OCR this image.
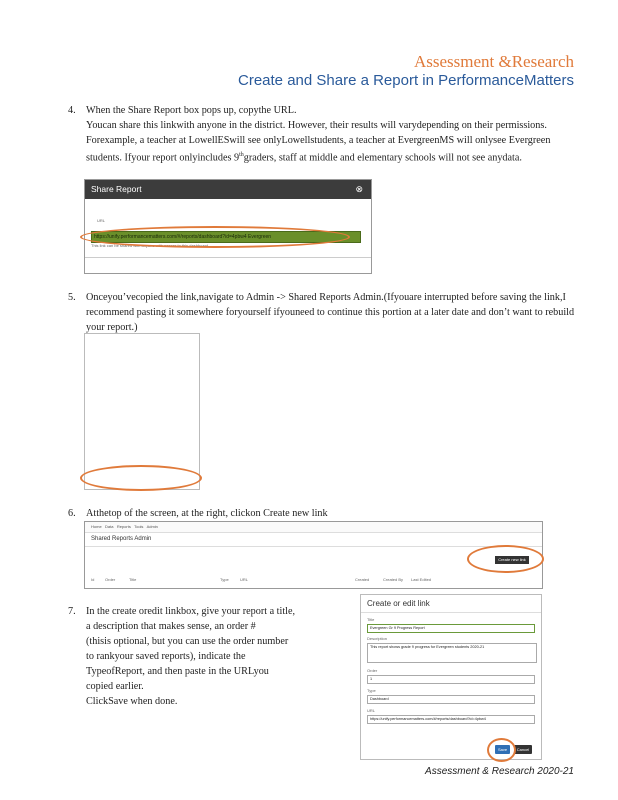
Assessment &Research
Create and Share a Report in PerformanceMatters
4. When the Share Report box pops up, copythe URL.

Youcan share this linkwith anyone in the district. However, their results will varydepending on their permissions. Forexample, a teacher at LowellESwill see onlyLowellstudents, a teacher at EvergreenMS will onlysee Evergreen students. Ifyour report onlyincludes 9thgraders, staff at middle and elementary schools will not see anydata.

Share Report	⊗
URL
https://unify.performancematters.com/#/reports/dashboard?id=4pbw4 Evergreen
This link can be shared with anyone with access to this dashboard
5. Onceyou’vecopied the link,navigate to Admin -> Shared Reports Admin.(Ifyouare interrupted before saving the link,I recommend pasting it somewhere foryourself ifyouneed to continue this portion at a later date and don’t want to rebuild your report.)
6. Atthetop of the screen, at the right, clickon Create new link
Home Data Reports Tools Admin
Shared Reports Admin
Create new link
Id	Order	Title	Type	URL	Created	Created By Last Edited
7. In the create oredit linkbox, give your report a title,

a description that makes sense, an order #

(thisis optional, but you can use the order number

to rankyour saved reports), indicate the

TypeofReport, and then paste in the URLyou

copied earlier.

ClickSave when done.

Create or edit link
Title
Evergreen Gr 9 Progress Report
Description
This report shows grade 9 progress for Evergreen students 2020-21
Order
1
Type
Dashboard
URL
https://unify.performancematters.com/#/reports/dashboard?id=4pbw4
Save	Cancel
Assessment & Research 2020-21
